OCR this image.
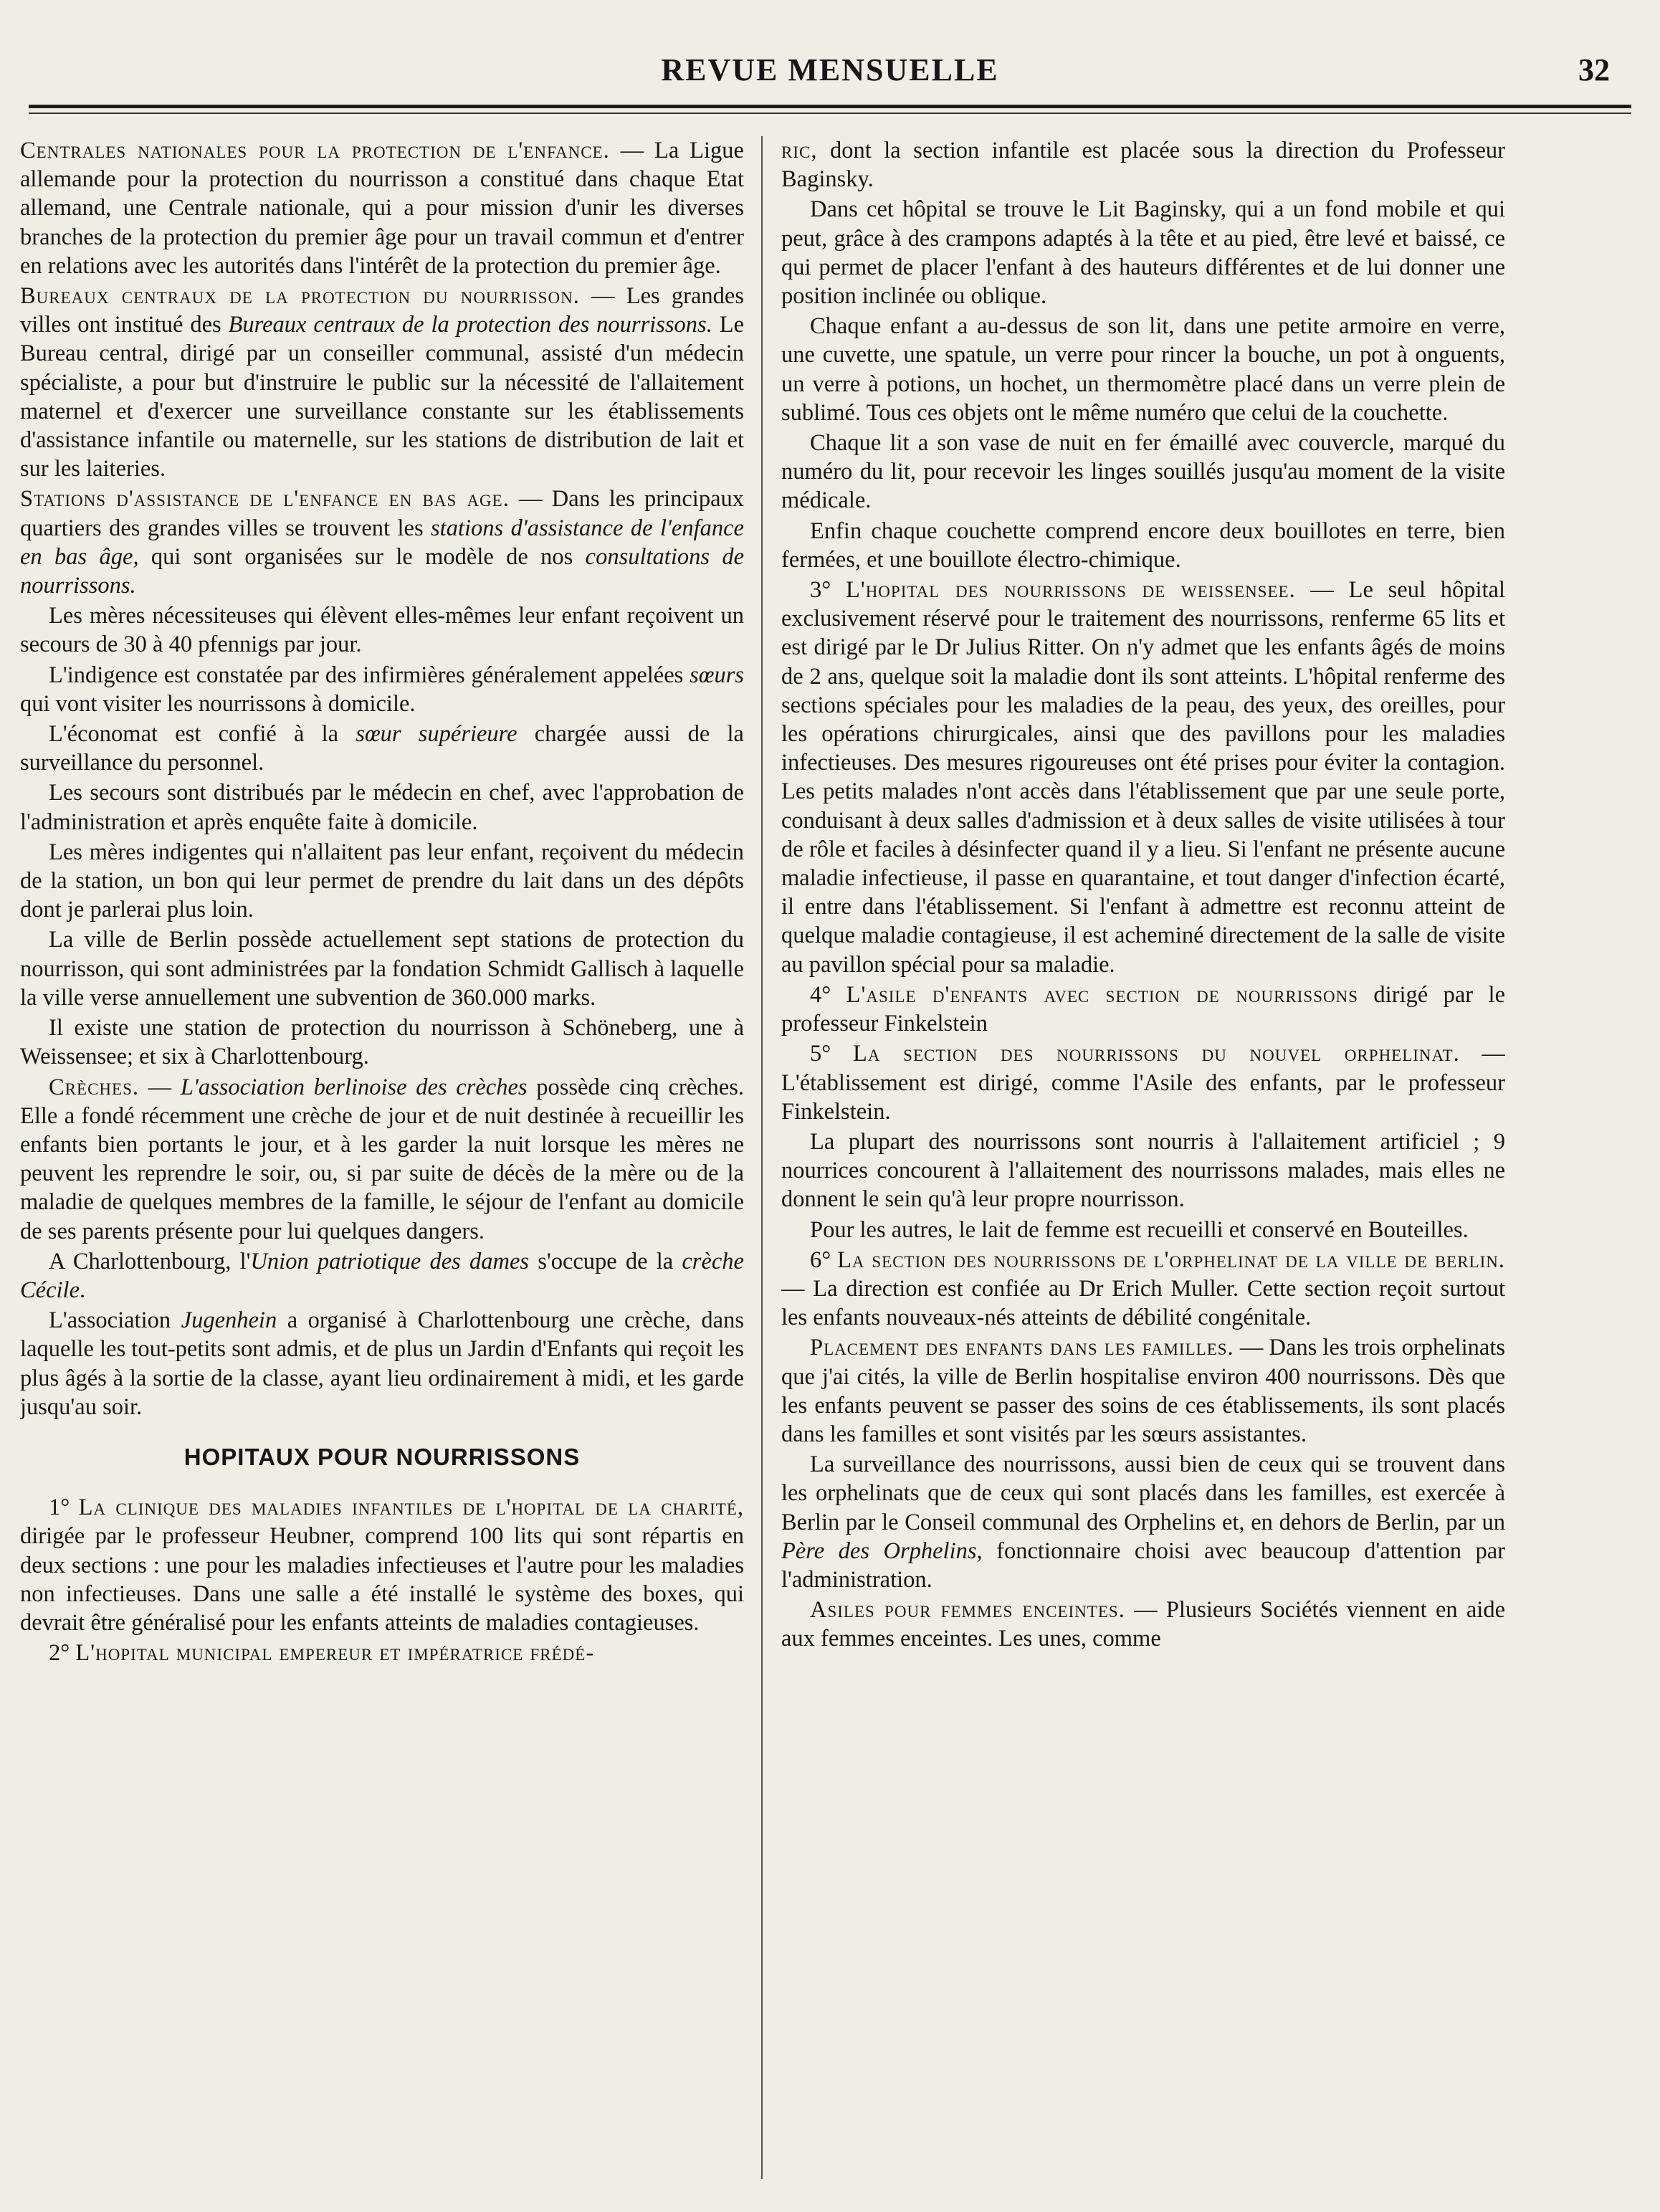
REVUE MENSUELLE	32

Centrales nationales pour la protection de l'enfance. — La Ligue allemande pour la protection du nourrisson a constitué dans chaque Etat allemand, une Centrale nationale, qui a pour mission d'unir les diverses branches de la protection du premier âge pour un travail commun et d'entrer en relations avec les autorités dans l'intérêt de la protection du premier âge.

Bureaux centraux de la protection du nourrisson. — Les grandes villes ont institué des Bureaux centraux de la protection des nourrissons. Le Bureau central, dirigé par un conseiller communal, assisté d'un médecin spécialiste, a pour but d'instruire le public sur la nécessité de l'allaitement maternel et d'exercer une surveillance constante sur les établissements d'assistance infantile ou maternelle, sur les stations de distribution de lait et sur les laiteries.

Stations d'assistance de l'enfance en bas age. — Dans les principaux quartiers des grandes villes se trouvent les stations d'assistance de l'enfance en bas âge, qui sont organisées sur le modèle de nos consultations de nourrissons.

Les mères nécessiteuses qui élèvent elles-mêmes leur enfant reçoivent un secours de 30 à 40 pfennigs par jour.

L'indigence est constatée par des infirmières généralement appelées sœurs qui vont visiter les nourrissons à domicile.

L'économat est confié à la sœur supérieure chargée aussi de la surveillance du personnel.

Les secours sont distribués par le médecin en chef, avec l'approbation de l'administration et après enquête faite à domicile.

Les mères indigentes qui n'allaitent pas leur enfant, reçoivent du médecin de la station, un bon qui leur permet de prendre du lait dans un des dépôts dont je parlerai plus loin.

La ville de Berlin possède actuellement sept stations de protection du nourrisson, qui sont administrées par la fondation Schmidt Gallisch à laquelle la ville verse annuellement une subvention de 360.000 marks.

Il existe une station de protection du nourrisson à Schöneberg, une à Weissensee; et six à Charlottenbourg.

Crèches. — L'association berlinoise des crèches possède cinq crèches. Elle a fondé récemment une crèche de jour et de nuit destinée à recueillir les enfants bien portants le jour, et à les garder la nuit lorsque les mères ne peuvent les reprendre le soir, ou, si par suite de décès de la mère ou de la maladie de quelques membres de la famille, le séjour de l'enfant au domicile de ses parents présente pour lui quelques dangers.

A Charlottenbourg, l'Union patriotique des dames s'occupe de la crèche Cécile.

L'association Jugenhein a organisé à Charlottenbourg une crèche, dans laquelle les tout-petits sont admis, et de plus un Jardin d'Enfants qui reçoit les plus âgés à la sortie de la classe, ayant lieu ordinairement à midi, et les garde jusqu'au soir.

HOPITAUX POUR NOURRISSONS

1° La clinique des maladies infantiles de l'hopital de la charité, dirigée par le professeur Heubner, comprend 100 lits qui sont répartis en deux sections : une pour les maladies infectieuses et l'autre pour les maladies non infectieuses. Dans une salle a été installé le système des boxes, qui devrait être généralisé pour les enfants atteints de maladies contagieuses.

2° L'hopital municipal empereur et impératrice frédé-

ric, dont la section infantile est placée sous la direction du Professeur Baginsky.

Dans cet hôpital se trouve le Lit Baginsky, qui a un fond mobile et qui peut, grâce à des crampons adaptés à la tête et au pied, être levé et baissé, ce qui permet de placer l'enfant à des hauteurs différentes et de lui donner une position inclinée ou oblique.

Chaque enfant a au-dessus de son lit, dans une petite armoire en verre, une cuvette, une spatule, un verre pour rincer la bouche, un pot à onguents, un verre à potions, un hochet, un thermomètre placé dans un verre plein de sublimé. Tous ces objets ont le même numéro que celui de la couchette.

Chaque lit a son vase de nuit en fer émaillé avec couvercle, marqué du numéro du lit, pour recevoir les linges souillés jusqu'au moment de la visite médicale.

Enfin chaque couchette comprend encore deux bouillotes en terre, bien fermées, et une bouillote électro-chimique.

3° L'hopital des nourrissons de weissensee. — Le seul hôpital exclusivement réservé pour le traitement des nourrissons, renferme 65 lits et est dirigé par le Dr Julius Ritter. On n'y admet que les enfants âgés de moins de 2 ans, quelque soit la maladie dont ils sont atteints. L'hôpital renferme des sections spéciales pour les maladies de la peau, des yeux, des oreilles, pour les opérations chirurgicales, ainsi que des pavillons pour les maladies infectieuses. Des mesures rigoureuses ont été prises pour éviter la contagion. Les petits malades n'ont accès dans l'établissement que par une seule porte, conduisant à deux salles d'admission et à deux salles de visite utilisées à tour de rôle et faciles à désinfecter quand il y a lieu. Si l'enfant ne présente aucune maladie infectieuse, il passe en quarantaine, et tout danger d'infection écarté, il entre dans l'établissement. Si l'enfant à admettre est reconnu atteint de quelque maladie contagieuse, il est acheminé directement de la salle de visite au pavillon spécial pour sa maladie.

4° L'asile d'enfants avec section de nourrissons dirigé par le professeur Finkelstein

5° La section des nourrissons du nouvel orphelinat. — L'établissement est dirigé, comme l'Asile des enfants, par le professeur Finkelstein.

La plupart des nourrissons sont nourris à l'allaitement artificiel ; 9 nourrices concourent à l'allaitement des nourrissons malades, mais elles ne donnent le sein qu'à leur propre nourrisson.

Pour les autres, le lait de femme est recueilli et conservé en Bouteilles.

6° La section des nourrissons de l'orphelinat de la ville de berlin. — La direction est confiée au Dr Erich Muller. Cette section reçoit surtout les enfants nouveaux-nés atteints de débilité congénitale.

Placement des enfants dans les familles. — Dans les trois orphelinats que j'ai cités, la ville de Berlin hospitalise environ 400 nourrissons. Dès que les enfants peuvent se passer des soins de ces établissements, ils sont placés dans les familles et sont visités par les sœurs assistantes.

La surveillance des nourrissons, aussi bien de ceux qui se trouvent dans les orphelinats que de ceux qui sont placés dans les familles, est exercée à Berlin par le Conseil communal des Orphelins et, en dehors de Berlin, par un Père des Orphelins, fonctionnaire choisi avec beaucoup d'attention par l'administration.

Asiles pour femmes enceintes. — Plusieurs Sociétés viennent en aide aux femmes enceintes. Les unes, comme
